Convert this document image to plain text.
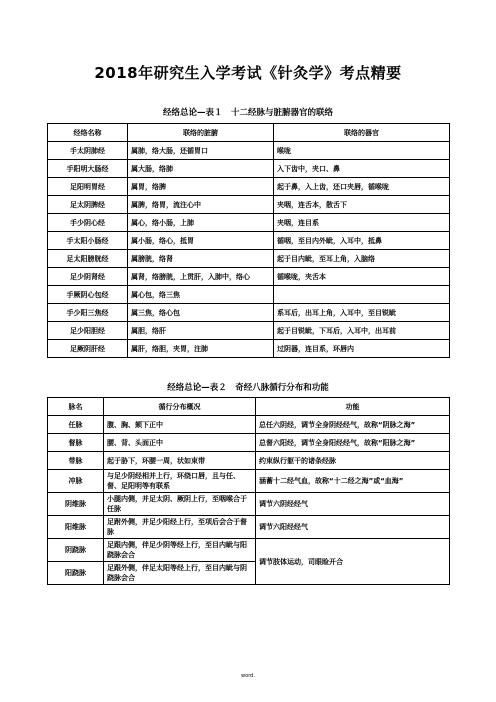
2018年研究生入学考试《针灸学》考点精要
经络总论—表１　十二经脉与脏腑器官的联络
经络名称	联络的脏腑	联络的器官
手太阴肺经	属肺，络大肠，还循胃口	喉咙
手阳明大肠经	属大肠，络肺	入下齿中，夹口、鼻
足阳明胃经	属胃，络脾	起于鼻，入上齿，还口夹唇，循喉咙
足太阴脾经	属脾，络胃，流注心中	夹咽，连舌本，散舌下
手少阴心经	属心，络小肠，上肺	夹咽，连目系
手太阳小肠经	属小肠，络心，抵胃	循咽，至目内外眦，入耳中，抵鼻
足太阳膀胱经	属膀胱，络肾	起于目内眦，至耳上角，入脑络
足少阴肾经	属肾，络膀胱，上贯肝，入肺中，络心	循喉咙，夹舌本
手厥阴心包经	属心包，络三焦	
手少阳三焦经	属三焦，络心包	系耳后，出耳上角，入耳中，至目锐眦
足少阳胆经	属胆，络肝	起于目锐眦，下耳后，入耳中，出耳前
足厥阴肝经	属肝，络胆，夹胃，注肺	过阴器，连目系，环唇内
经络总论—表２　奇经八脉循行分布和功能
脉名	循行分布概况	功能
任脉	腹、胸、颏下正中	总任六阴经，调节全身阴经经气，故称“阴脉之海”
督脉	腰、背、头面正中	总督六阳经，调节全身阳经经气，故称“阳脉之海”
带脉	起于胁下，环腰一周，状如束带	约束纵行躯干的诸条经脉
冲脉	与足少阴经相并上行，环绕口唇，且与任、督、足阳明等有联系	涵蓄十二经气血，故称“十二经之海”或“血海”
阴维脉	小腿内侧，并足太阴、厥阴上行，至咽喉合于任脉	调节六阴经经气
阳维脉	足跗外侧，并足少阳经上行，至项后会合于督脉	调节六阳经经气
阴跷脉	足跟内侧，伴足少阴等经上行，至目内眦与阳跷脉会合	调节肢体运动，司眼睑开合
阳跷脉	足跟外侧，伴足太阳等经上行，至目内眦与阴跷脉会合	
word.
